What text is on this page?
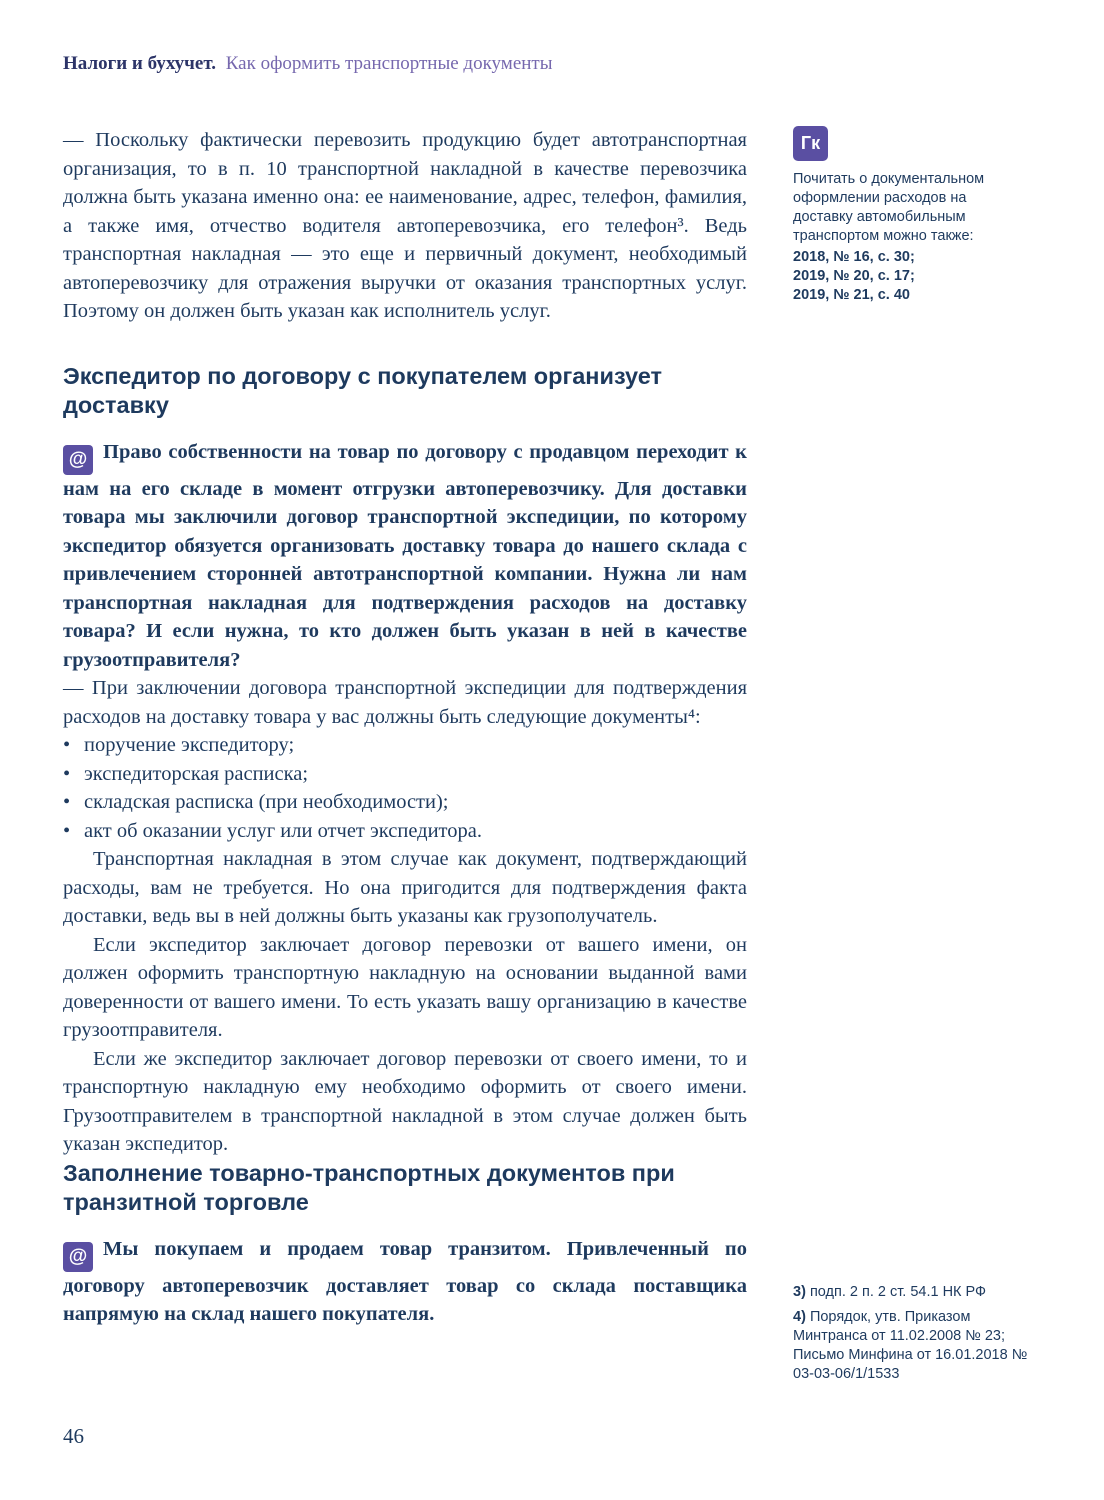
Налоги и бухучет. Как оформить транспортные документы

— Поскольку фактически перевозить продукцию будет автотранспортная организация, то в п. 10 транспортной накладной в качестве перевозчика должна быть указана именно она: ее наименование, адрес, телефон, фамилия, а также имя, отчество водителя автоперевозчика, его телефон³. Ведь транспортная накладная — это еще и первичный документ, необходимый автоперевозчику для отражения выручки от оказания транспортных услуг. Поэтому он должен быть указан как исполнитель услуг.

Экспедитор по договору с покупателем организует доставку

@ Право собственности на товар по договору с продавцом переходит к нам на его складе в момент отгрузки автоперевозчику. Для доставки товара мы заключили договор транспортной экспедиции, по которому экспедитор обязуется организовать доставку товара до нашего склада с привлечением сторонней автотранспортной компании. Нужна ли нам транспортная накладная для подтверждения расходов на доставку товара? И если нужна, то кто должен быть указан в ней в качестве грузоотправителя?

— При заключении договора транспортной экспедиции для подтверждения расходов на доставку товара у вас должны быть следующие документы⁴:

• поручение экспедитору;
• экспедиторская расписка;
• складская расписка (при необходимости);
• акт об оказании услуг или отчет экспедитора.

Транспортная накладная в этом случае как документ, подтверждающий расходы, вам не требуется. Но она пригодится для подтверждения факта доставки, ведь вы в ней должны быть указаны как грузополучатель.

Если экспедитор заключает договор перевозки от вашего имени, он должен оформить транспортную накладную на основании выданной вами доверенности от вашего имени. То есть указать вашу организацию в качестве грузоотправителя.

Если же экспедитор заключает договор перевозки от своего имени, то и транспортную накладную ему необходимо оформить от своего имени. Грузоотправителем в транспортной накладной в этом случае должен быть указан экспедитор.

Заполнение товарно-транспортных документов при транзитной торговле

@ Мы покупаем и продаем товар транзитом. Привлеченный по договору автоперевозчик доставляет товар со склада поставщика напрямую на склад нашего покупателя.

Гк

Почитать о документальном оформлении расходов на доставку автомобильным транспортом можно также:

2018, № 16, с. 30;
2019, № 20, с. 17;
2019, № 21, с. 40

3) подп. 2 п. 2 ст. 54.1 НК РФ

4) Порядок, утв. Приказом Минтранса от 11.02.2008 № 23; Письмо Минфина от 16.01.2018 № 03-03-06/1/1533

46
